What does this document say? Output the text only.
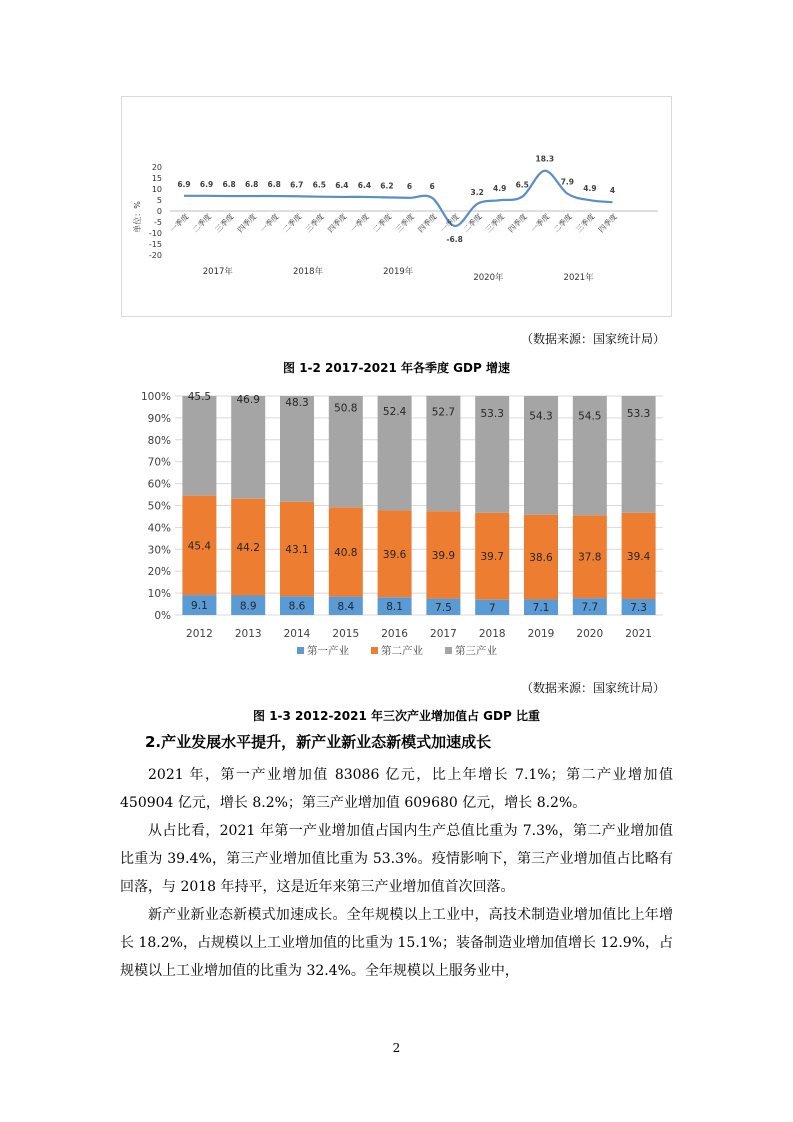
20
15
10
5
0
-5
-10
-15
-20
单位：%
6.9 6.9 6.8 6.8 6.8 6.7 6.5 6.4 6.4 6.2 6 6
-6.8
3.2 4.9 6.5
18.3
7.9
4.9 4
一季度 二季度 三季度 四季度 一季度 二季度 三季度 四季度 一季度 二季度 三季度 四季度 一季度 二季度 三季度 四季度 一季度 二季度 三季度 四季度
2017年	2018年	2019年
2020年	2021年
（数据来源：国家统计局）
图 1-2 2017-2021 年各季度 GDP 增速
0%
10%
20%
30%
40%
50%
60%
70%
80%
90%
100%
9.1
45.4
45.5
2012
8.9
44.2
46.9
2013
8.6
43.1
48.3
2014
8.4
40.8
50.8
2015
8.1
39.6
52.4
2016
7.5
39.9
52.7
2017
7
39.7
53.3
2018
7.1
38.6
54.3
2019
7.7
37.8
54.5
2020
7.3
39.4
53.3
2021
第一产业	第二产业	第三产业
（数据来源：国家统计局）
图 1-3 2012-2021 年三次产业增加值占 GDP 比重
2.产业发展水平提升，新产业新业态新模式加速成长

2021 年，第一产业增加值 83086 亿元，比上年增长 7.1%；第二产业增加值 450904 亿元，增长 8.2%；第三产业增加值 609680 亿元，增长 8.2%。

从占比看，2021 年第一产业增加值占国内生产总值比重为 7.3%，第二产业增加值比重为 39.4%，第三产业增加值比重为 53.3%。疫情影响下，第三产业增加值占比略有回落，与 2018 年持平，这是近年来第三产业增加值首次回落。

新产业新业态新模式加速成长。全年规模以上工业中，高技术制造业增加值比上年增长 18.2%，占规模以上工业增加值的比重为 15.1%；装备制造业增加值增长 12.9%，占规模以上工业增加值的比重为 32.4%。全年规模以上服务业中，

2
